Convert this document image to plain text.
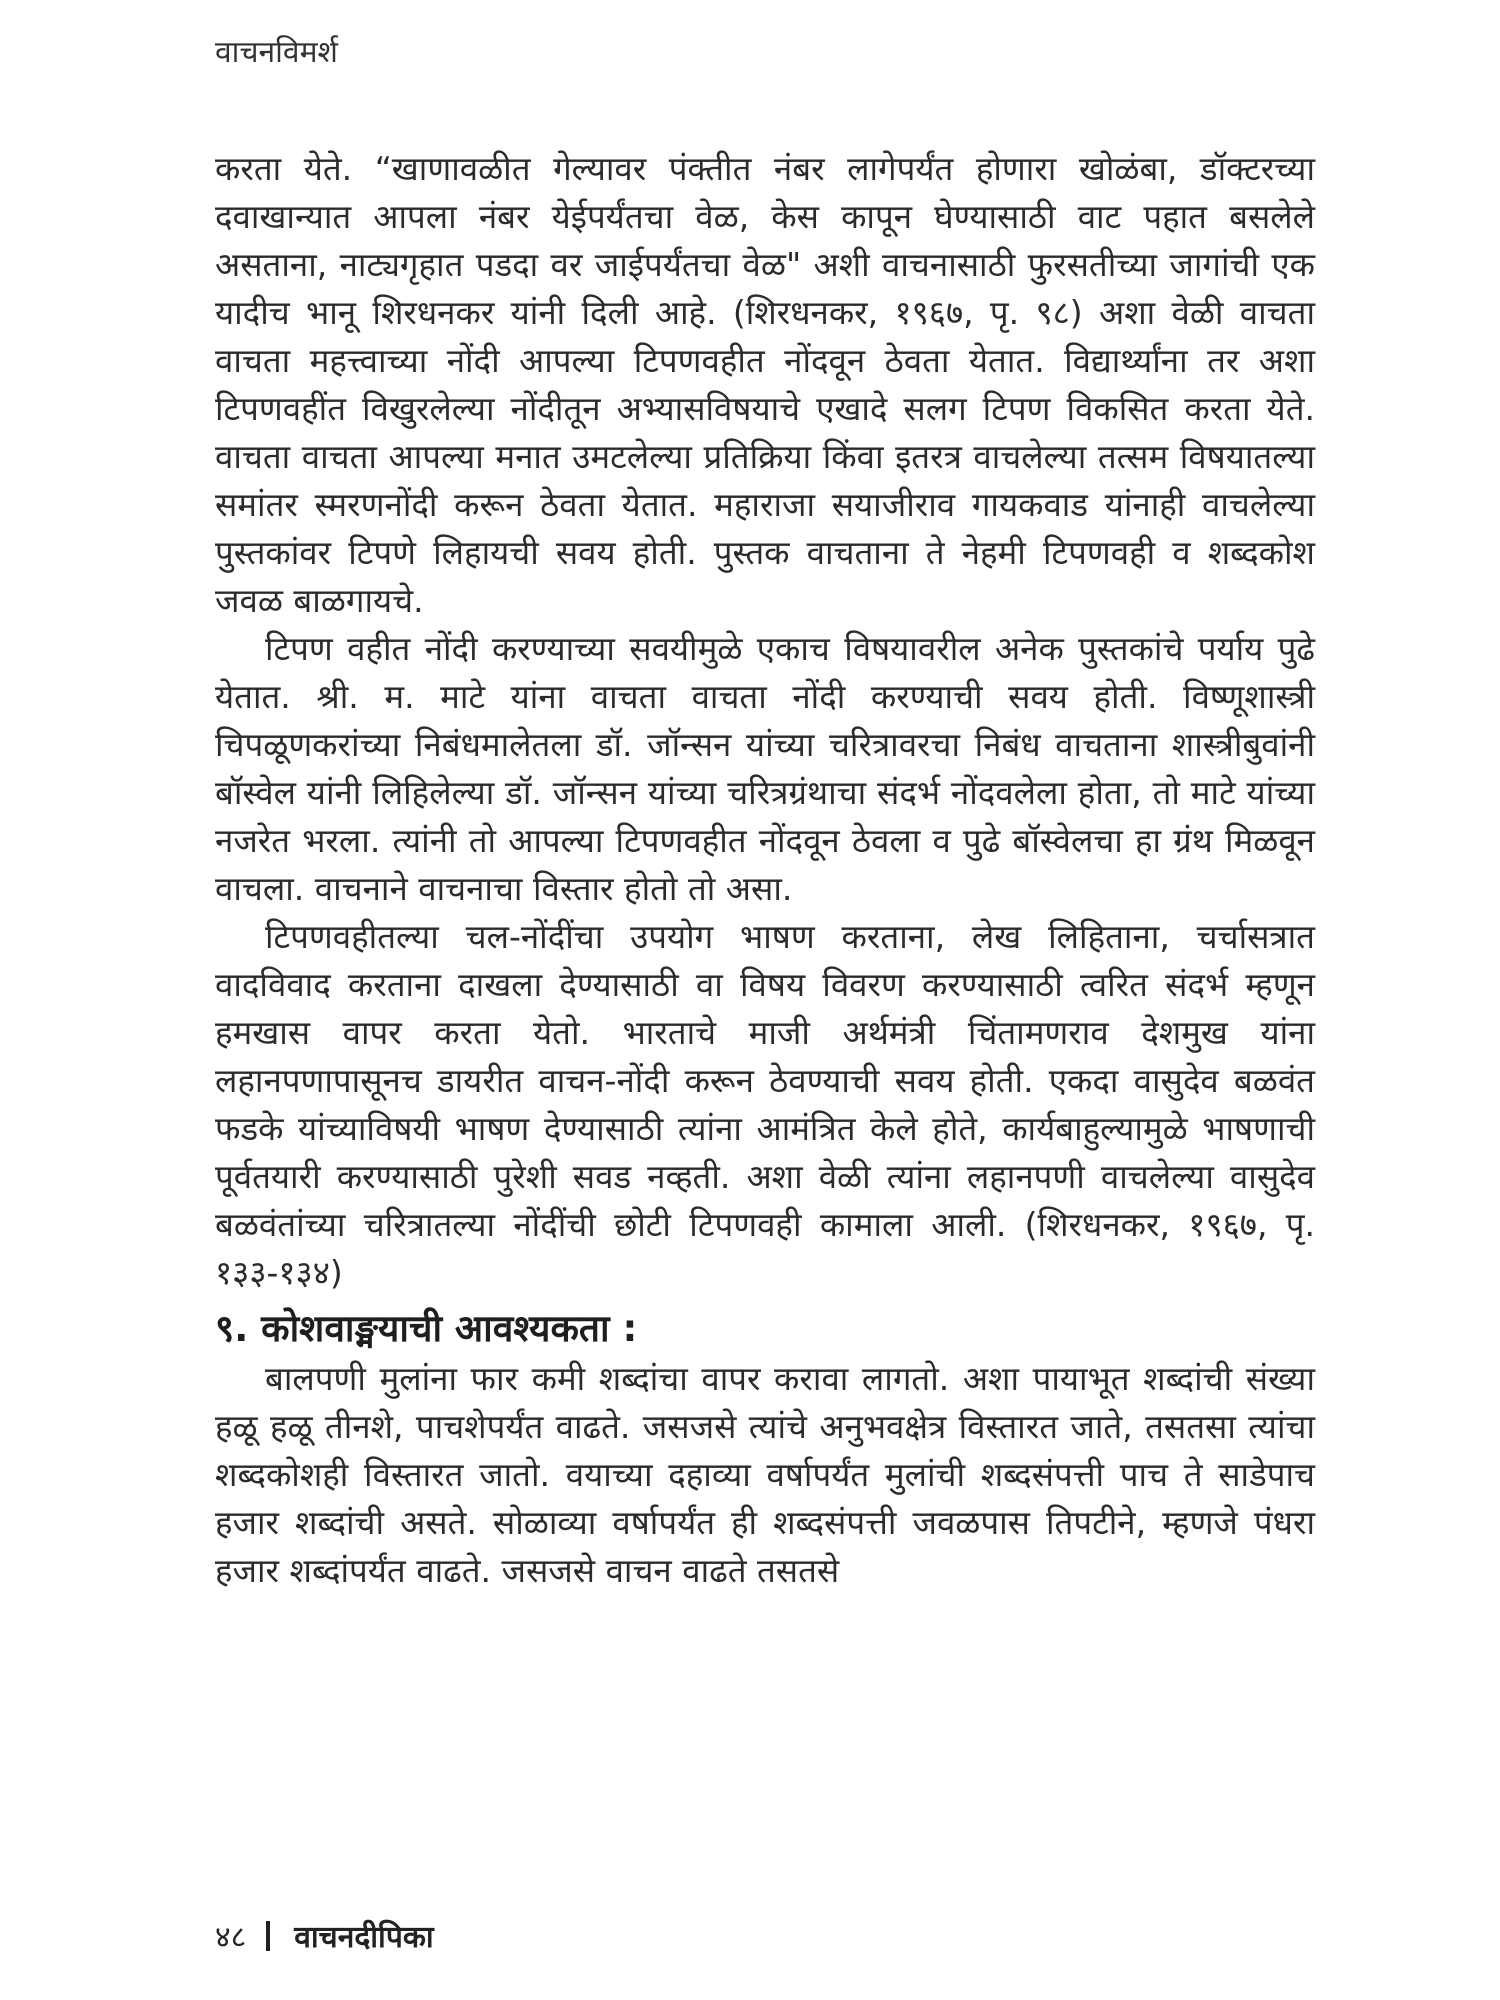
वाचनविमर्श

करता येते. “खाणावळीत गेल्यावर पंक्तीत नंबर लागेपर्यंत होणारा खोळंबा, डॉक्टरच्या दवाखान्यात आपला नंबर येईपर्यंतचा वेळ, केस कापून घेण्यासाठी वाट पहात बसलेले असताना, नाट्यगृहात पडदा वर जाईपर्यंतचा वेळ" अशी वाचनासाठी फुरसतीच्या जागांची एक यादीच भानू शिरधनकर यांनी दिली आहे. (शिरधनकर, १९६७, पृ. ९८) अशा वेळी वाचता वाचता महत्त्वाच्या नोंदी आपल्या टिपणवहीत नोंदवून ठेवता येतात. विद्यार्थ्यांना तर अशा टिपणवहींत विखुरलेल्या नोंदीतून अभ्यासविषयाचे एखादे सलग टिपण विकसित करता येते. वाचता वाचता आपल्या मनात उमटलेल्या प्रतिक्रिया किंवा इतरत्र वाचलेल्या तत्सम विषयातल्या समांतर स्मरणनोंदी करून ठेवता येतात. महाराजा सयाजीराव गायकवाड यांनाही वाचलेल्या पुस्तकांवर टिपणे लिहायची सवय होती. पुस्तक वाचताना ते नेहमी टिपणवही व शब्दकोश जवळ बाळगायचे.

टिपण वहीत नोंदी करण्याच्या सवयीमुळे एकाच विषयावरील अनेक पुस्तकांचे पर्याय पुढे येतात. श्री. म. माटे यांना वाचता वाचता नोंदी करण्याची सवय होती. विष्णूशास्त्री चिपळूणकरांच्या निबंधमालेतला डॉ. जॉन्सन यांच्या चरित्रावरचा निबंध वाचताना शास्त्रीबुवांनी बॉस्वेल यांनी लिहिलेल्या डॉ. जॉन्सन यांच्या चरित्रग्रंथाचा संदर्भ नोंदवलेला होता, तो माटे यांच्या नजरेत भरला. त्यांनी तो आपल्या टिपणवहीत नोंदवून ठेवला व पुढे बॉस्वेलचा हा ग्रंथ मिळवून वाचला. वाचनाने वाचनाचा विस्तार होतो तो असा.

टिपणवहीतल्या चल-नोंदींचा उपयोग भाषण करताना, लेख लिहिताना, चर्चासत्रात वादविवाद करताना दाखला देण्यासाठी वा विषय विवरण करण्यासाठी त्वरित संदर्भ म्हणून हमखास वापर करता येतो. भारताचे माजी अर्थमंत्री चिंतामणराव देशमुख यांना लहानपणापासूनच डायरीत वाचन-नोंदी करून ठेवण्याची सवय होती. एकदा वासुदेव बळवंत फडके यांच्याविषयी भाषण देण्यासाठी त्यांना आमंत्रित केले होते, कार्यबाहुल्यामुळे भाषणाची पूर्वतयारी करण्यासाठी पुरेशी सवड नव्हती. अशा वेळी त्यांना लहानपणी वाचलेल्या वासुदेव बळवंतांच्या चरित्रातल्या नोंदींची छोटी टिपणवही कामाला आली. (शिरधनकर, १९६७, पृ. १३३-१३४)

९. कोशवाङ्मयाची आवश्यकता :

बालपणी मुलांना फार कमी शब्दांचा वापर करावा लागतो. अशा पायाभूत शब्दांची संख्या हळू हळू तीनशे, पाचशेपर्यंत वाढते. जसजसे त्यांचे अनुभवक्षेत्र विस्तारत जाते, तसतसा त्यांचा शब्दकोशही विस्तारत जातो. वयाच्या दहाव्या वर्षापर्यंत मुलांची शब्दसंपत्ती पाच ते साडेपाच हजार शब्दांची असते. सोळाव्या वर्षापर्यंत ही शब्दसंपत्ती जवळपास तिपटीने, म्हणजे पंधरा हजार शब्दांपर्यंत वाढते. जसजसे वाचन वाढते तसतसे

४८ वाचनदीपिका
